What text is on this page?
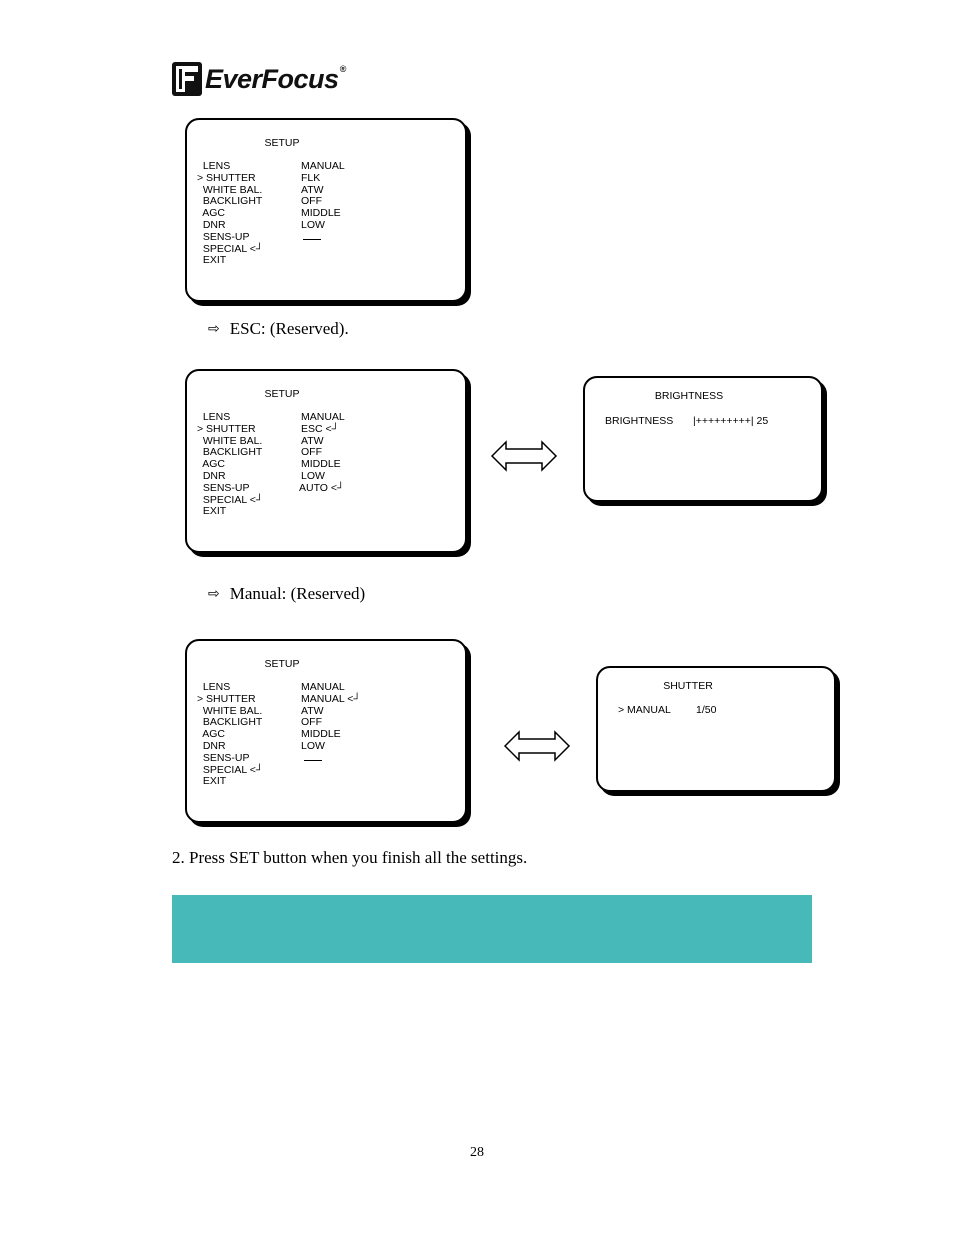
EverFocus®
SETUP
LENS	MANUAL
> SHUTTER	FLK
WHITE BAL.	ATW
BACKLIGHT	OFF
AGC	MIDDLE
DNR	LOW
SENS-UP
SPECIAL <┘
EXIT
⇨ ESC: (Reserved).
SETUP
LENS	MANUAL
> SHUTTER	ESC <┘
WHITE BAL.	ATW
BACKLIGHT	OFF
AGC	MIDDLE
DNR	LOW
SENS-UP	AUTO <┘
SPECIAL <┘
EXIT
BRIGHTNESS
BRIGHTNESS	|+++++++++| 25
⇨ Manual: (Reserved)
SETUP
LENS	MANUAL
> SHUTTER	MANUAL <┘
WHITE BAL.	ATW
BACKLIGHT	OFF
AGC	MIDDLE
DNR	LOW
SENS-UP
SPECIAL <┘
EXIT
SHUTTER
> MANUAL	1/50
2. Press SET button when you finish all the settings.
28
